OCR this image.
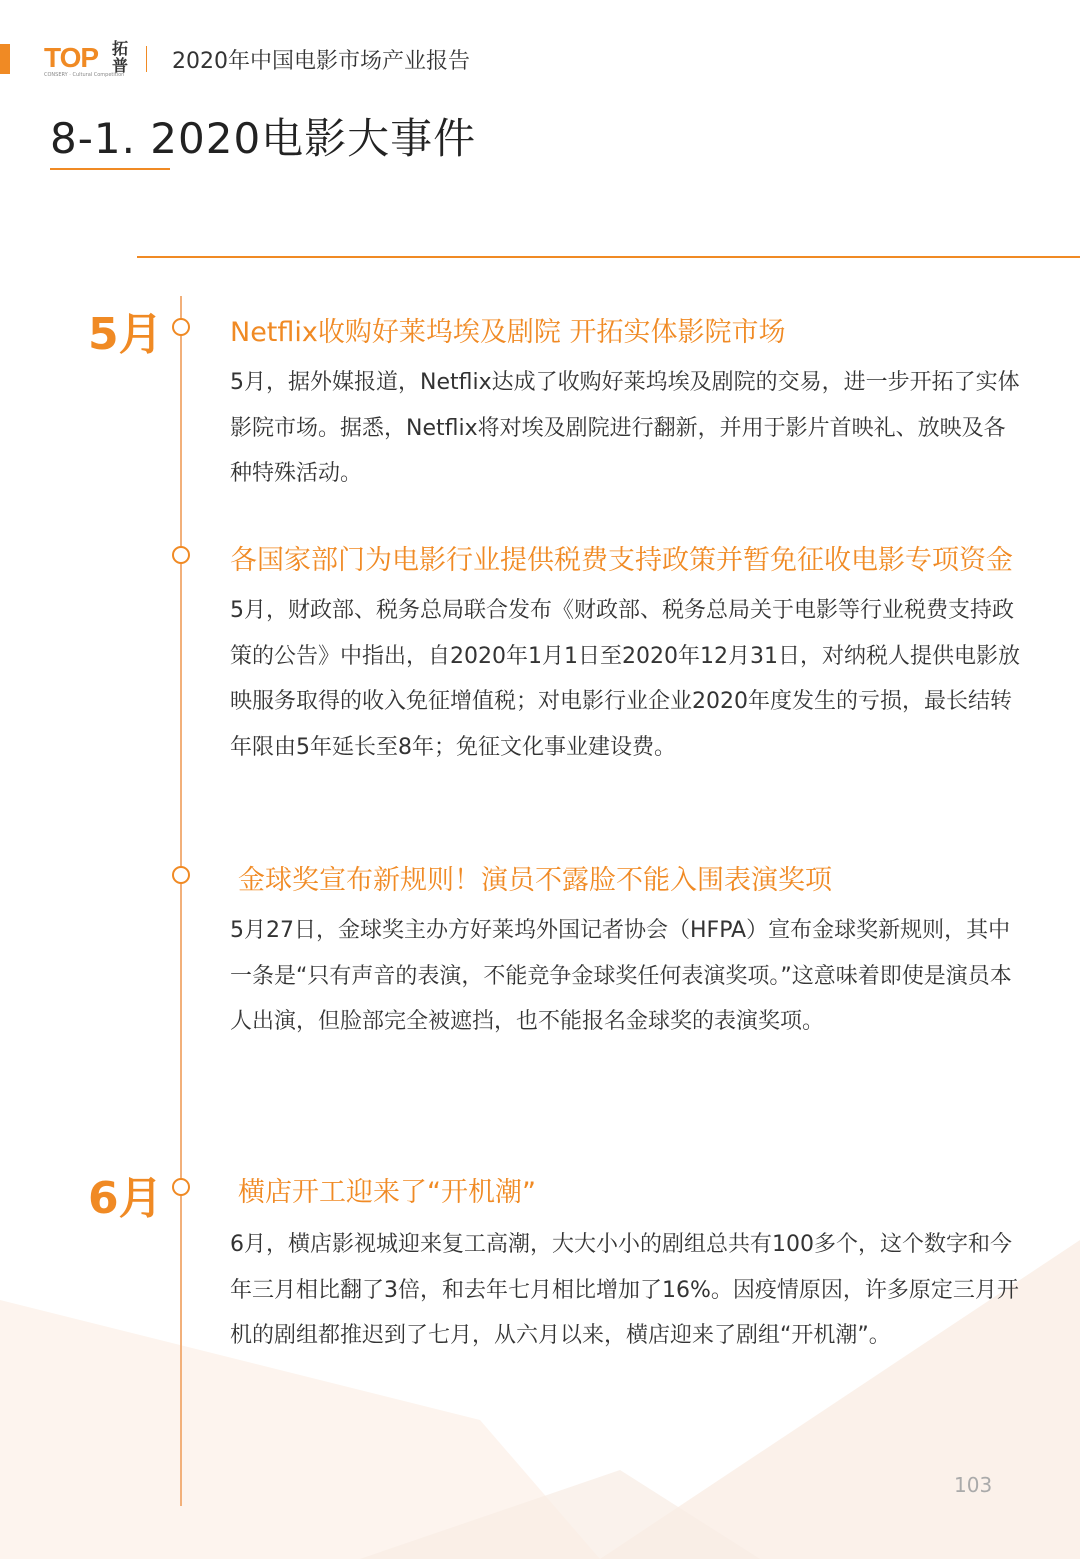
TOP 拓普
CONSERY · Cultural Competition
2020年中国电影市场产业报告
8-1. 2020电影大事件
5月 Netflix收购好莱坞埃及剧院 开拓实体影院市场
5月，据外媒报道，Netflix达成了收购好莱坞埃及剧院的交易，进一步开拓了实体影院市场。据悉，Netflix将对埃及剧院进行翻新，并用于影片首映礼、放映及各种特殊活动。
各国家部门为电影行业提供税费支持政策并暂免征收电影专项资金
5月，财政部、税务总局联合发布《财政部、税务总局关于电影等行业税费支持政策的公告》中指出，自2020年1月1日至2020年12月31日，对纳税人提供电影放映服务取得的收入免征增值税；对电影行业企业2020年度发生的亏损，最长结转年限由5年延长至8年；免征文化事业建设费。
金球奖宣布新规则！演员不露脸不能入围表演奖项
5月27日，金球奖主办方好莱坞外国记者协会（HFPA）宣布金球奖新规则，其中一条是“只有声音的表演，不能竞争金球奖任何表演奖项。”这意味着即使是演员本人出演，但脸部完全被遮挡，也不能报名金球奖的表演奖项。
6月	横店开工迎来了“开机潮”
6月，横店影视城迎来复工高潮，大大小小的剧组总共有100多个，这个数字和今年三月相比翻了3倍，和去年七月相比增加了16%。因疫情原因，许多原定三月开机的剧组都推迟到了七月，从六月以来，横店迎来了剧组“开机潮”。
103
